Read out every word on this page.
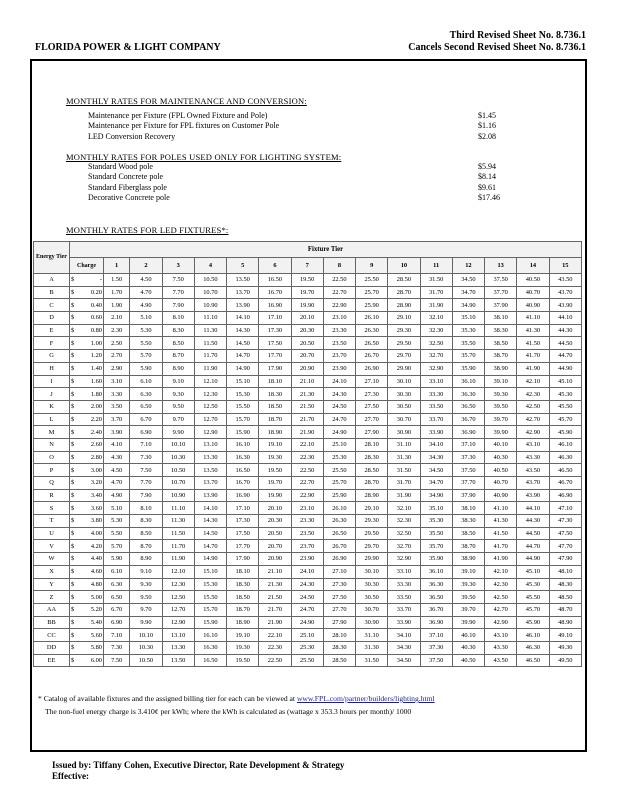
Third Revised Sheet No. 8.736.1
Cancels Second Revised Sheet No. 8.736.1
FLORIDA POWER & LIGHT COMPANY
MONTHLY RATES FOR MAINTENANCE AND CONVERSION:
Maintenance per Fixture (FPL Owned Fixture and Pole)	$1.45
Maintenance per Fixture for FPL fixtures on Customer Pole	$1.16
LED Conversion Recovery	$2.08
MONTHLY RATES FOR POLES USED ONLY FOR LIGHTING SYSTEM:
Standard Wood pole	$5.94
Standard Concrete pole	$8.14
Standard Fiberglass pole	$9.61
Decorative Concrete pole	$17.46
MONTHLY RATES FOR LED FIXTURES*:
Energy Tier	Fixture Tier															
	Charge	1	2	3	4	5	6	7	8	9	10	11	12	13	14	15
A	$ -	1.50	4.50	7.50	10.50	13.50	16.50	19.50	22.50	25.50	28.50	31.50	34.50	37.50	40.50	43.50
B	$ 0.20	1.70	4.70	7.70	10.70	13.70	16.70	19.70	22.70	25.70	28.70	31.70	34.70	37.70	40.70	43.70
C	$ 0.40	1.90	4.90	7.90	10.90	13.90	16.90	19.90	22.90	25.90	28.90	31.90	34.90	37.90	40.90	43.90
D	$ 0.60	2.10	5.10	8.10	11.10	14.10	17.10	20.10	23.10	26.10	29.10	32.10	35.10	38.10	41.10	44.10
E	$ 0.80	2.30	5.30	8.30	11.30	14.30	17.30	20.30	23.30	26.30	29.30	32.30	35.30	38.30	41.30	44.30
F	$ 1.00	2.50	5.50	8.50	11.50	14.50	17.50	20.50	23.50	26.50	29.50	32.50	35.50	38.50	41.50	44.50
G	$ 1.20	2.70	5.70	8.70	11.70	14.70	17.70	20.70	23.70	26.70	29.70	32.70	35.70	38.70	41.70	44.70
H	$ 1.40	2.90	5.90	8.90	11.90	14.90	17.90	20.90	23.90	26.90	29.90	32.90	35.90	38.90	41.90	44.90
I	$ 1.60	3.10	6.10	9.10	12.10	15.10	18.10	21.10	24.10	27.10	30.10	33.10	36.10	39.10	42.10	45.10
J	$ 1.80	3.30	6.30	9.30	12.30	15.30	18.30	21.30	24.30	27.30	30.30	33.30	36.30	39.30	42.30	45.30
K	$ 2.00	3.50	6.50	9.50	12.50	15.50	18.50	21.50	24.50	27.50	30.50	33.50	36.50	39.50	42.50	45.50
L	$ 2.20	3.70	6.70	9.70	12.70	15.70	18.70	21.70	24.70	27.70	30.70	33.70	36.70	39.70	42.70	45.70
M	$ 2.40	3.90	6.90	9.90	12.90	15.90	18.90	21.90	24.90	27.90	30.90	33.90	36.90	39.90	42.90	45.90
N	$ 2.60	4.10	7.10	10.10	13.10	16.10	19.10	22.10	25.10	28.10	31.10	34.10	37.10	40.10	43.10	46.10
O	$ 2.80	4.30	7.30	10.30	13.30	16.30	19.30	22.30	25.30	28.30	31.30	34.30	37.30	40.30	43.30	46.30
P	$ 3.00	4.50	7.50	10.50	13.50	16.50	19.50	22.50	25.50	28.50	31.50	34.50	37.50	40.50	43.50	46.50
Q	$ 3.20	4.70	7.70	10.70	13.70	16.70	19.70	22.70	25.70	28.70	31.70	34.70	37.70	40.70	43.70	46.70
R	$ 3.40	4.90	7.90	10.90	13.90	16.90	19.90	22.90	25.90	28.90	31.90	34.90	37.90	40.90	43.90	46.90
S	$ 3.60	5.10	8.10	11.10	14.10	17.10	20.10	23.10	26.10	29.10	32.10	35.10	38.10	41.10	44.10	47.10
T	$ 3.80	5.30	8.30	11.30	14.30	17.30	20.30	23.30	26.30	29.30	32.30	35.30	38.30	41.30	44.30	47.30
U	$ 4.00	5.50	8.50	11.50	14.50	17.50	20.50	23.50	26.50	29.50	32.50	35.50	38.50	41.50	44.50	47.50
V	$ 4.20	5.70	8.70	11.70	14.70	17.70	20.70	23.70	26.70	29.70	32.70	35.70	38.70	41.70	44.70	47.70
W	$ 4.40	5.90	8.90	11.90	14.90	17.90	20.90	23.90	26.90	29.90	32.90	35.90	38.90	41.90	44.90	47.90
X	$ 4.60	6.10	9.10	12.10	15.10	18.10	21.10	24.10	27.10	30.10	33.10	36.10	39.10	42.10	45.10	48.10
Y	$ 4.80	6.30	9.30	12.30	15.30	18.30	21.30	24.30	27.30	30.30	33.30	36.30	39.30	42.30	45.30	48.30
Z	$ 5.00	6.50	9.50	12.50	15.50	18.50	21.50	24.50	27.50	30.50	33.50	36.50	39.50	42.50	45.50	48.50
AA	$ 5.20	6.70	9.70	12.70	15.70	18.70	21.70	24.70	27.70	30.70	33.70	36.70	39.70	42.70	45.70	48.70
BB	$ 5.40	6.90	9.90	12.90	15.90	18.90	21.90	24.90	27.90	30.90	33.90	36.90	39.90	42.90	45.90	48.90
CC	$ 5.60	7.10	10.10	13.10	16.10	19.10	22.10	25.10	28.10	31.10	34.10	37.10	40.10	43.10	46.10	49.10
DD	$ 5.80	7.30	10.30	13.30	16.30	19.30	22.30	25.30	28.30	31.30	34.30	37.30	40.30	43.30	46.30	49.30
EE	$ 6.00	7.50	10.50	13.50	16.50	19.50	22.50	25.50	28.50	31.50	34.50	37.50	40.50	43.50	46.50	49.50
* Catalog of available fixtures and the assigned billing tier for each can be viewed at www.FPL.com/partner/builders/lighting.html
The non-fuel energy charge is 3.410¢ per kWh; where the kWh is calculated as (wattage x 353.3 hours per month)/ 1000
Issued by: Tiffany Cohen, Executive Director, Rate Development & Strategy
Effective:
